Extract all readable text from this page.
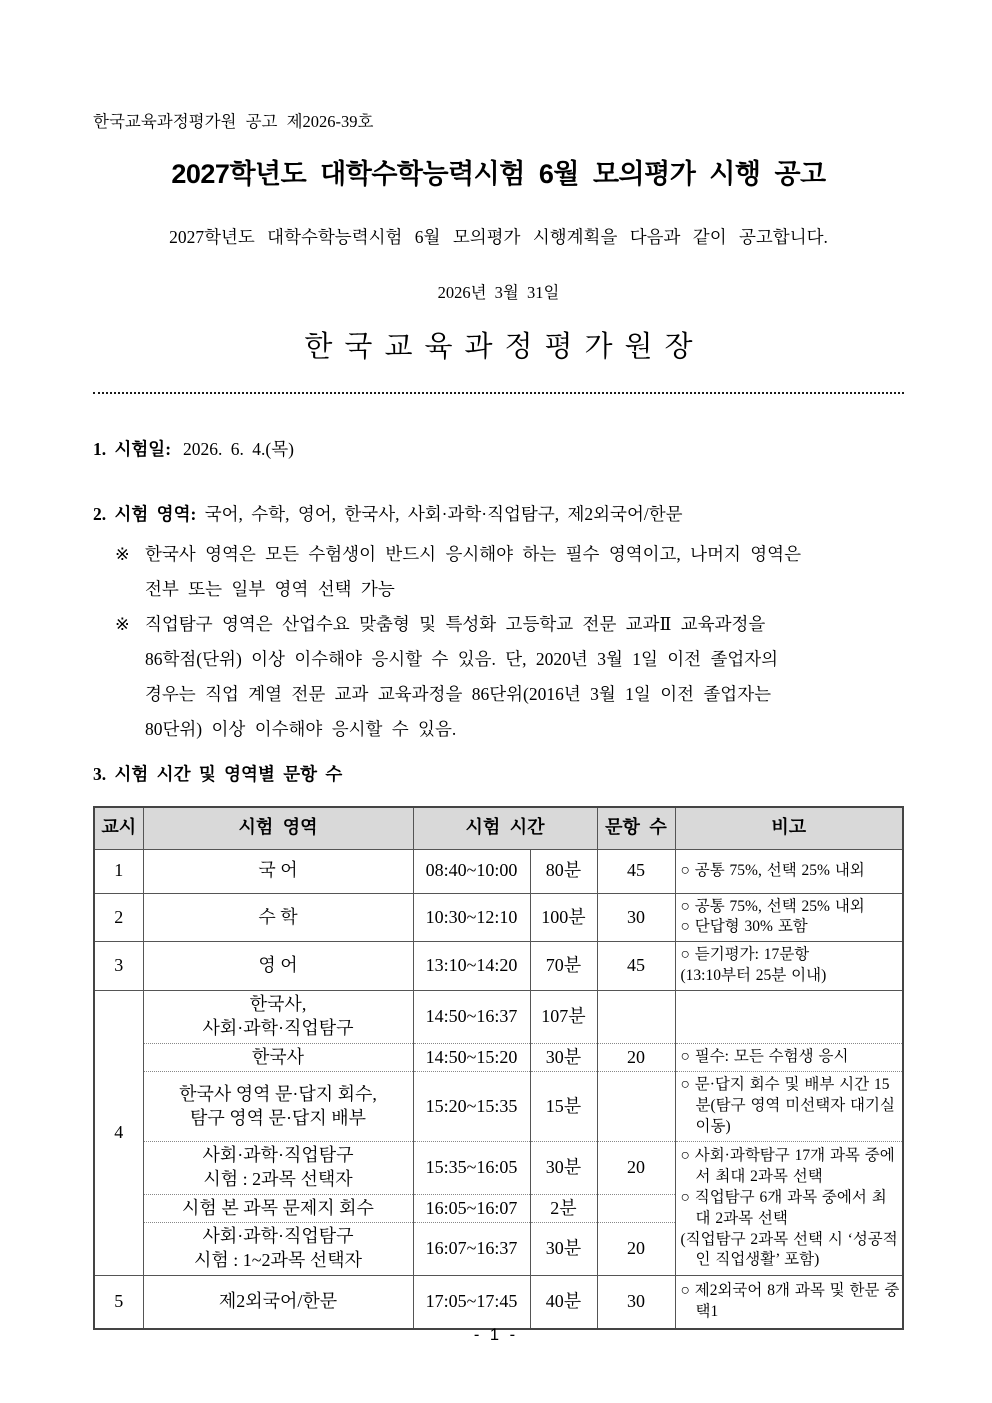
한국교육과정평가원 공고 제2026-39호
2027학년도 대학수학능력시험 6월 모의평가 시행 공고

2027학년도 대학수학능력시험 6월 모의평가 시행계획을 다음과 같이 공고합니다.

2026년 3월 31일

한국교육과정평가원장

1. 시험일: 2026. 6. 4.(목)
2. 시험 영역: 국어, 수학, 영어, 한국사, 사회·과학·직업탐구, 제2외국어/한문
※ 한국사 영역은 모든 수험생이 반드시 응시해야 하는 필수 영역이고, 나머지 영역은
전부 또는 일부 영역 선택 가능
※ 직업탐구 영역은 산업수요 맞춤형 및 특성화 고등학교 전문 교과Ⅱ 교육과정을
86학점(단위) 이상 이수해야 응시할 수 있음. 단, 2020년 3월 1일 이전 졸업자의
경우는 직업 계열 전문 교과 교육과정을 86단위(2016년 3월 1일 이전 졸업자는
80단위) 이상 이수해야 응시할 수 있음.
3. 시험 시간 및 영역별 문항 수
교시	시험 영역	시험 시간		문항 수	비고
1	국 어	08:40~10:00	80분	45	○ 공통 75%, 선택 25% 내외

2	수 학	10:30~12:10	100분	30	○ 공통 75%, 선택 25% 내외
○ 단답형 30% 포함

3	영 어	13:10~14:20	70분	45	○ 듣기평가: 17문항
(13:10부터 25분 이내)

4	한국사,
사회·과학·직업탐구	14:50~16:37	107분		

	한국사	14:50~15:20	30분	20	○ 필수: 모든 수험생 응시

	한국사 영역 문·답지 회수,
탐구 영역 문·답지 배부	15:20~15:35	15분		○ 문·답지 회수 및 배부 시간 15분(탐구 영역 미선택자 대기실 이동)

사회·과학·직업탐구
시험 : 2과목 선택자
	15:35~16:05	30분	20	
○ 사회·과학탐구 17개 과목 중에서 최대 2과목 선택
○ 직업탐구 6개 과목 중에서 최대 2과목 선택
(직업탐구 2과목 선택 시 ‘성공적인 직업생활’ 포함)

	시험 본 과목 문제지 회수	16:05~16:07	2분		

	사회·과학·직업탐구
시험 : 1~2과목 선택자	16:07~16:37	30분	20	
5	제2외국어/한문	17:05~17:45	40분	30	○ 제2외국어 8개 과목 및 한문 중 택1
- 1 -
